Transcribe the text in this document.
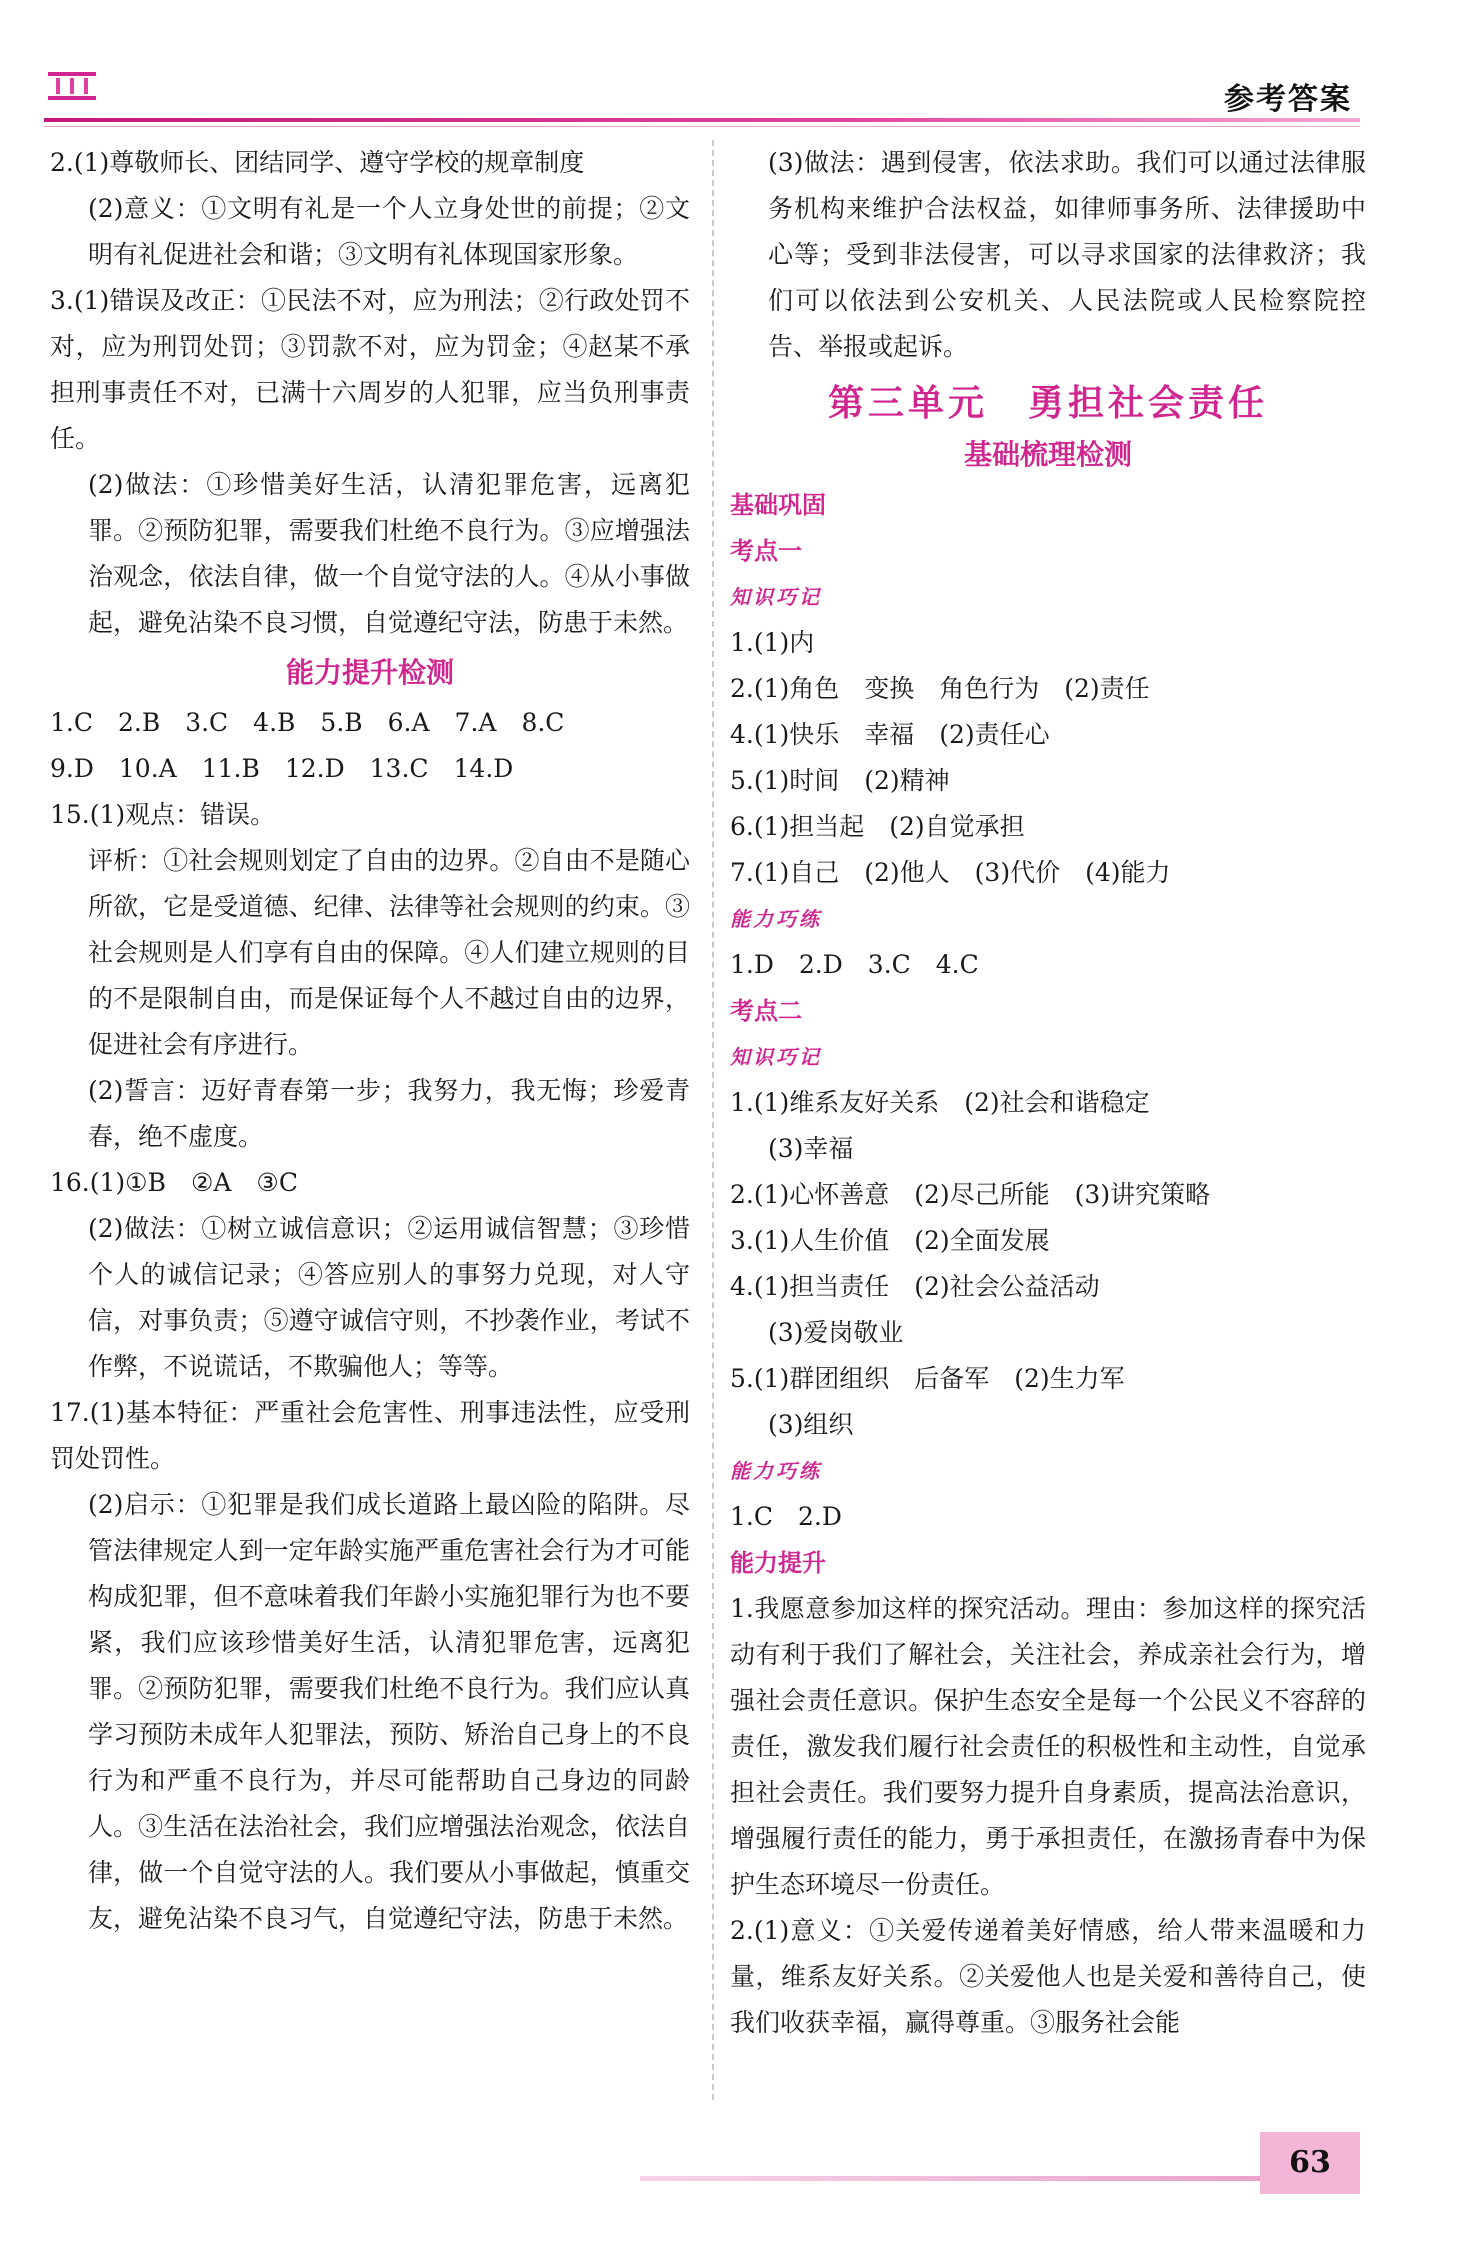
参考答案
2.(1)尊敬师长、团结同学、遵守学校的规章制度
(2)意义：①文明有礼是一个人立身处世的前提；②文明有礼促进社会和谐；③文明有礼体现国家形象。
3.(1)错误及改正：①民法不对，应为刑法；②行政处罚不对，应为刑罚处罚；③罚款不对，应为罚金；④赵某不承担刑事责任不对，已满十六周岁的人犯罪，应当负刑事责任。
(2)做法：①珍惜美好生活，认清犯罪危害，远离犯罪。②预防犯罪，需要我们杜绝不良行为。③应增强法治观念，依法自律，做一个自觉守法的人。④从小事做起，避免沾染不良习惯，自觉遵纪守法，防患于未然。
能力提升检测
1.C　2.B　3.C　4.B　5.B　6.A　7.A　8.C
9.D　10.A　11.B　12.D　13.C　14.D
15.(1)观点：错误。
评析：①社会规则划定了自由的边界。②自由不是随心所欲，它是受道德、纪律、法律等社会规则的约束。③社会规则是人们享有自由的保障。④人们建立规则的目的不是限制自由，而是保证每个人不越过自由的边界，促进社会有序进行。
(2)誓言：迈好青春第一步；我努力，我无悔；珍爱青春，绝不虚度。
16.(1)①B　②A　③C
(2)做法：①树立诚信意识；②运用诚信智慧；③珍惜个人的诚信记录；④答应别人的事努力兑现，对人守信，对事负责；⑤遵守诚信守则，不抄袭作业，考试不作弊，不说谎话，不欺骗他人；等等。
17.(1)基本特征：严重社会危害性、刑事违法性，应受刑罚处罚性。
(2)启示：①犯罪是我们成长道路上最凶险的陷阱。尽管法律规定人到一定年龄实施严重危害社会行为才可能构成犯罪，但不意味着我们年龄小实施犯罪行为也不要紧，我们应该珍惜美好生活，认清犯罪危害，远离犯罪。②预防犯罪，需要我们杜绝不良行为。我们应认真学习预防未成年人犯罪法，预防、矫治自己身上的不良行为和严重不良行为，并尽可能帮助自己身边的同龄人。③生活在法治社会，我们应增强法治观念，依法自律，做一个自觉守法的人。我们要从小事做起，慎重交友，避免沾染不良习气，自觉遵纪守法，防患于未然。
(3)做法：遇到侵害，依法求助。我们可以通过法律服务机构来维护合法权益，如律师事务所、法律援助中心等；受到非法侵害，可以寻求国家的法律救济；我们可以依法到公安机关、人民法院或人民检察院控告、举报或起诉。
第三单元　勇担社会责任
基础梳理检测
基础巩固
考点一
知识巧记
1.(1)内
2.(1)角色　变换　角色行为　(2)责任
4.(1)快乐　幸福　(2)责任心
5.(1)时间　(2)精神
6.(1)担当起　(2)自觉承担
7.(1)自己　(2)他人　(3)代价　(4)能力
能力巧练
1.D　2.D　3.C　4.C
考点二
知识巧记
1.(1)维系友好关系　(2)社会和谐稳定
(3)幸福
2.(1)心怀善意　(2)尽己所能　(3)讲究策略
3.(1)人生价值　(2)全面发展
4.(1)担当责任　(2)社会公益活动
(3)爱岗敬业
5.(1)群团组织　后备军　(2)生力军
(3)组织
能力巧练
1.C　2.D
能力提升
1.我愿意参加这样的探究活动。理由：参加这样的探究活动有利于我们了解社会，关注社会，养成亲社会行为，增强社会责任意识。保护生态安全是每一个公民义不容辞的责任，激发我们履行社会责任的积极性和主动性，自觉承担社会责任。我们要努力提升自身素质，提高法治意识，增强履行责任的能力，勇于承担责任，在激扬青春中为保护生态环境尽一份责任。
2.(1)意义：①关爱传递着美好情感，给人带来温暖和力量，维系友好关系。②关爱他人也是关爱和善待自己，使我们收获幸福，赢得尊重。③服务社会能
63
